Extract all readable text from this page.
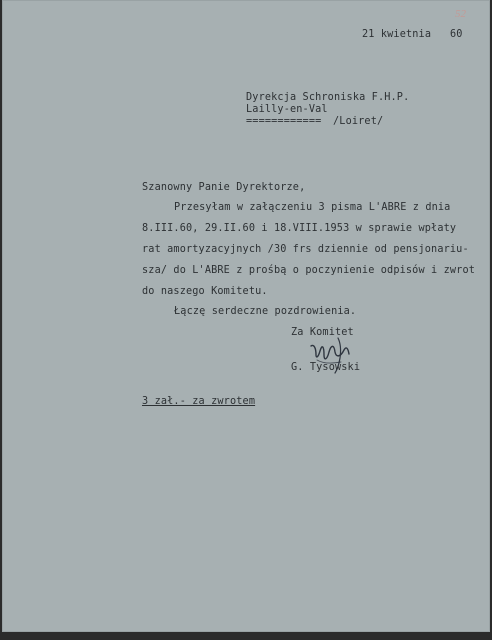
52
21 kwietnia 60
Dyrekcja Schroniska F.H.P.
Lailly-en-Val
============ /Loiret/
Szanowny Panie Dyrektorze,
Przesyłam w załączeniu 3 pisma L'ABRE z dnia
8.III.60, 29.II.60 i 18.VIII.1953 w sprawie wpłaty
rat amortyzacyjnych /30 frs dziennie od pensjonariu-
sza/ do L'ABRE z prośbą o poczynienie odpisów i zwrot
do naszego Komitetu.
Łączę serdeczne pozdrowienia.
Za Komitet
G. Tysowski
3 zał.- za zwrotem
